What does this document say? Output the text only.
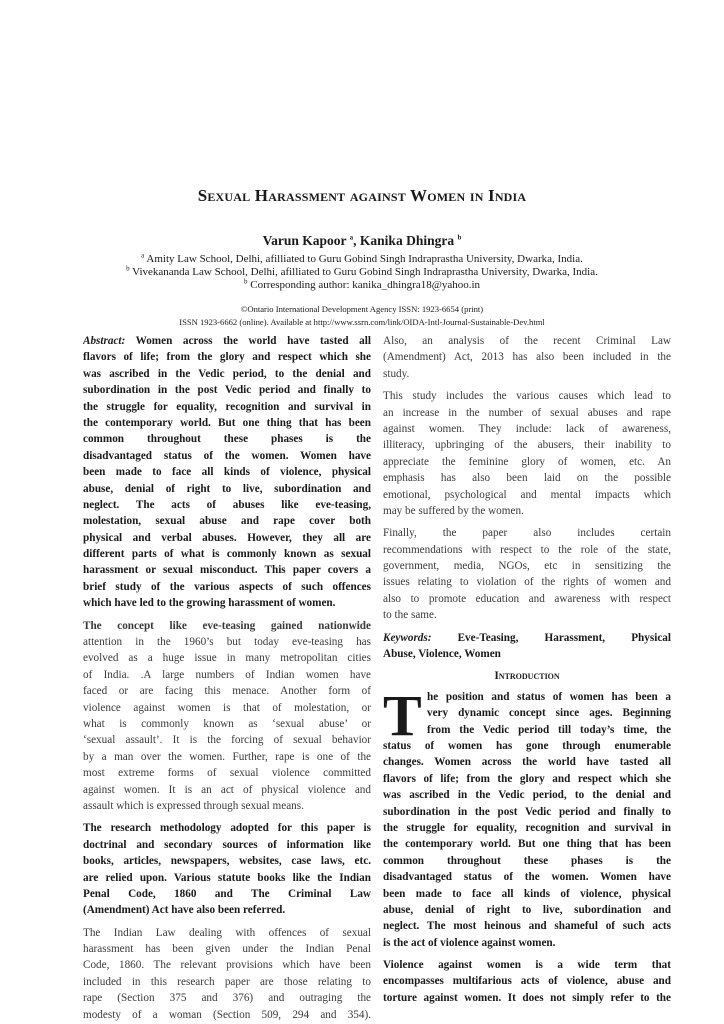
Sexual Harassment against Women in India
Varun Kapoor $^a$, Kanika Dhingra $^b$
$^a$ Amity Law School, Delhi, afilliated to Guru Gobind Singh Indraprastha University, Dwarka, India.
$^b$ Vivekananda Law School, Delhi, afilliated to Guru Gobind Singh Indraprastha University, Dwarka, India.
$^b$ Corresponding author: kanika_dhingra18@yahoo.in
©Ontario International Development Agency ISSN: 1923-6654 (print)
ISSN 1923-6662 (online). Available at http://www.ssrn.com/link/OIDA-Intl-Journal-Sustainable-Dev.html
Abstract: Women across the world have tasted all
flavors of life; from the glory and respect which she
was ascribed in the Vedic period, to the denial and
subordination in the post Vedic period and finally to
the struggle for equality, recognition and survival in
the contemporary world. But one thing that has been
common throughout these phases is the
disadvantaged status of the women. Women have
been made to face all kinds of violence, physical
abuse, denial of right to live, subordination and
neglect. The acts of abuses like eve-teasing,
molestation, sexual abuse and rape cover both
physical and verbal abuses. However, they all are
different parts of what is commonly known as sexual
harassment or sexual misconduct. This paper covers a
brief study of the various aspects of such offences
which have led to the growing harassment of women.
The concept like eve-teasing gained nationwide
attention in the 1960’s but today eve-teasing has
evolved as a huge issue in many metropolitan cities
of India. .A large numbers of Indian women have
faced or are facing this menace. Another form of
violence against women is that of molestation, or
what is commonly known as ‘sexual abuse’ or
‘sexual assault’. It is the forcing of sexual behavior
by a man over the women. Further, rape is one of the
most extreme forms of sexual violence committed
against women. It is an act of physical violence and
assault which is expressed through sexual means.
The research methodology adopted for this paper is
doctrinal and secondary sources of information like
books, articles, newspapers, websites, case laws, etc.
are relied upon. Various statute books like the Indian
Penal Code, 1860 and The Criminal Law
(Amendment) Act have also been referred.
The Indian Law dealing with offences of sexual
harassment has been given under the Indian Penal
Code, 1860. The relevant provisions which have been
included in this research paper are those relating to
rape (Section 375 and 376) and outraging the
modesty of a woman (Section 509, 294 and 354).
Also, an analysis of the recent Criminal Law
(Amendment) Act, 2013 has also been included in the
study.
This study includes the various causes which lead to
an increase in the number of sexual abuses and rape
against women. They include: lack of awareness,
illiteracy, upbringing of the abusers, their inability to
appreciate the feminine glory of women, etc. An
emphasis has also been laid on the possible
emotional, psychological and mental impacts which
may be suffered by the women.
Finally, the paper also includes certain
recommendations with respect to the role of the state,
government, media, NGOs, etc in sensitizing the
issues relating to violation of the rights of women and
also to promote education and awareness with respect
to the same.
Keywords: Eve-Teasing, Harassment, Physical
Abuse, Violence, Women
Introduction
T he position and status of women has been a
very dynamic concept since ages. Beginning
from the Vedic period till today’s time, the
status of women has gone through enumerable
changes. Women across the world have tasted all
flavors of life; from the glory and respect which she
was ascribed in the Vedic period, to the denial and
subordination in the post Vedic period and finally to
the struggle for equality, recognition and survival in
the contemporary world. But one thing that has been
common throughout these phases is the
disadvantaged status of the women. Women have
been made to face all kinds of violence, physical
abuse, denial of right to live, subordination and
neglect. The most heinous and shameful of such acts
is the act of violence against women.
Violence against women is a wide term that
encompasses multifarious acts of violence, abuse and
torture against women. It does not simply refer to the
